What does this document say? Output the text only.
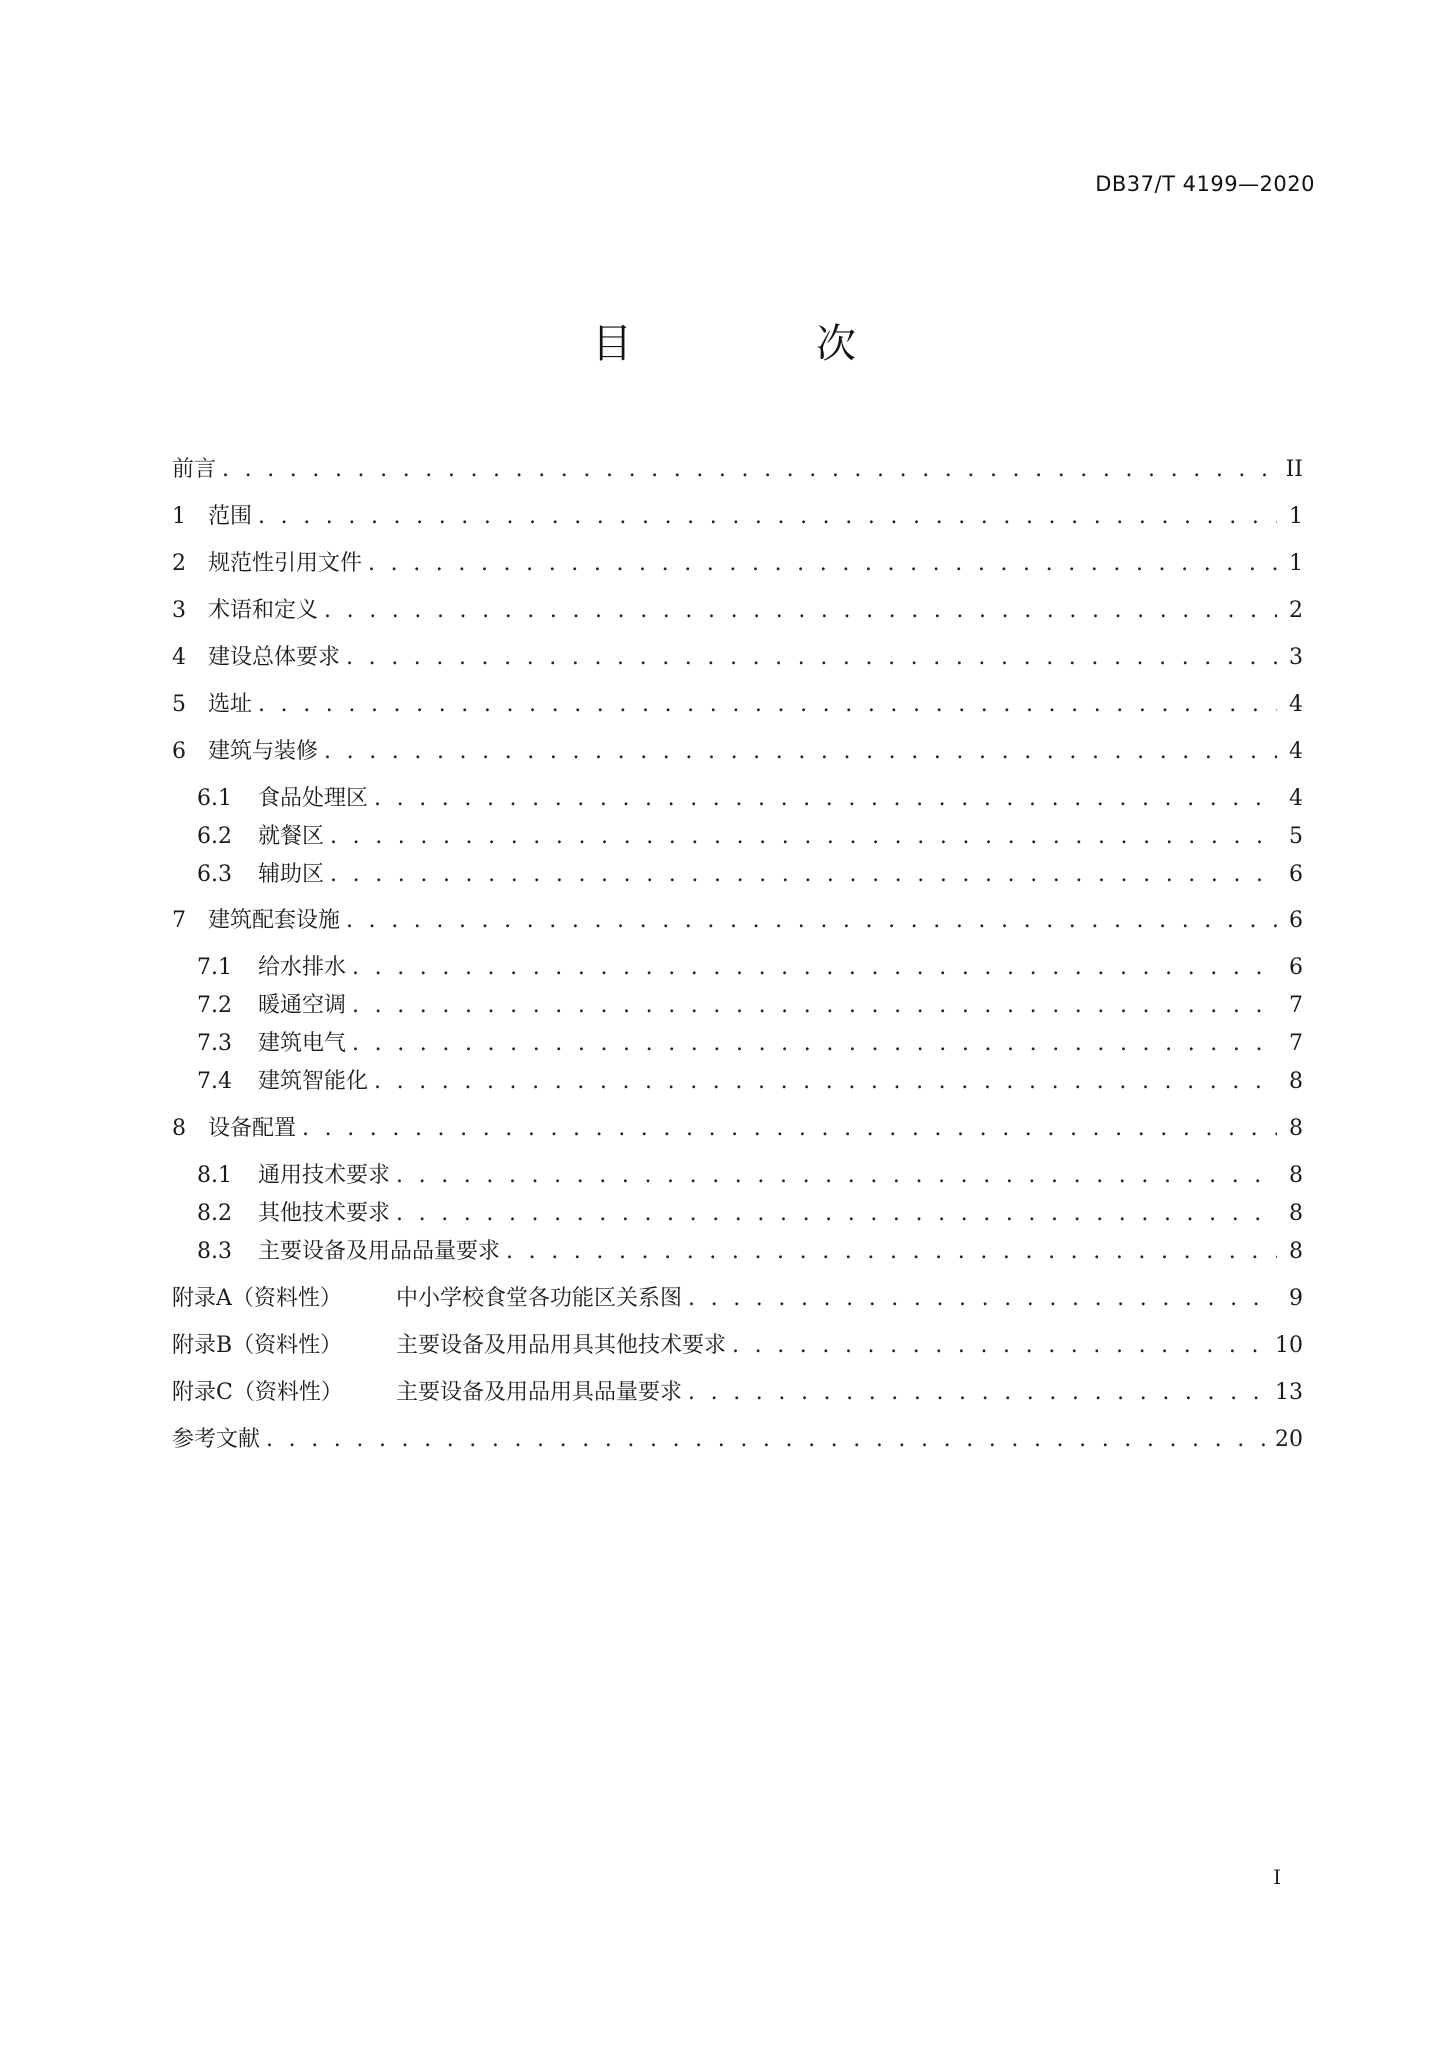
DB37/T 4199—2020
目　次
前言 . . .	II
1	范围 . . .	1
2	规范性引用文件 . . .	1
3	术语和定义 . . .	2
4	建设总体要求 . . .	3
5	选址 . . .	4
6	建筑与装修 . . .	4
6.1	食品处理区 . . .	4
6.2	就餐区 . . .	5
6.3	辅助区 . . .	6
7	建筑配套设施 . . .	6
7.1	给水排水 . . .	6
7.2	暖通空调 . . .	7
7.3	建筑电气 . . .	7
7.4	建筑智能化 . . .	8
8	设备配置 . . .	8
8.1	通用技术要求 . . .	8
8.2	其他技术要求 . . .	8
8.3	主要设备及用品品量要求 . . .	8
附录A（资料性）	中小学校食堂各功能区关系图 . . .	9
附录B（资料性）	主要设备及用品用具其他技术要求 . . .	10
附录C（资料性）	主要设备及用品用具品量要求 . . .	13
参考文献 . . .	20
I
